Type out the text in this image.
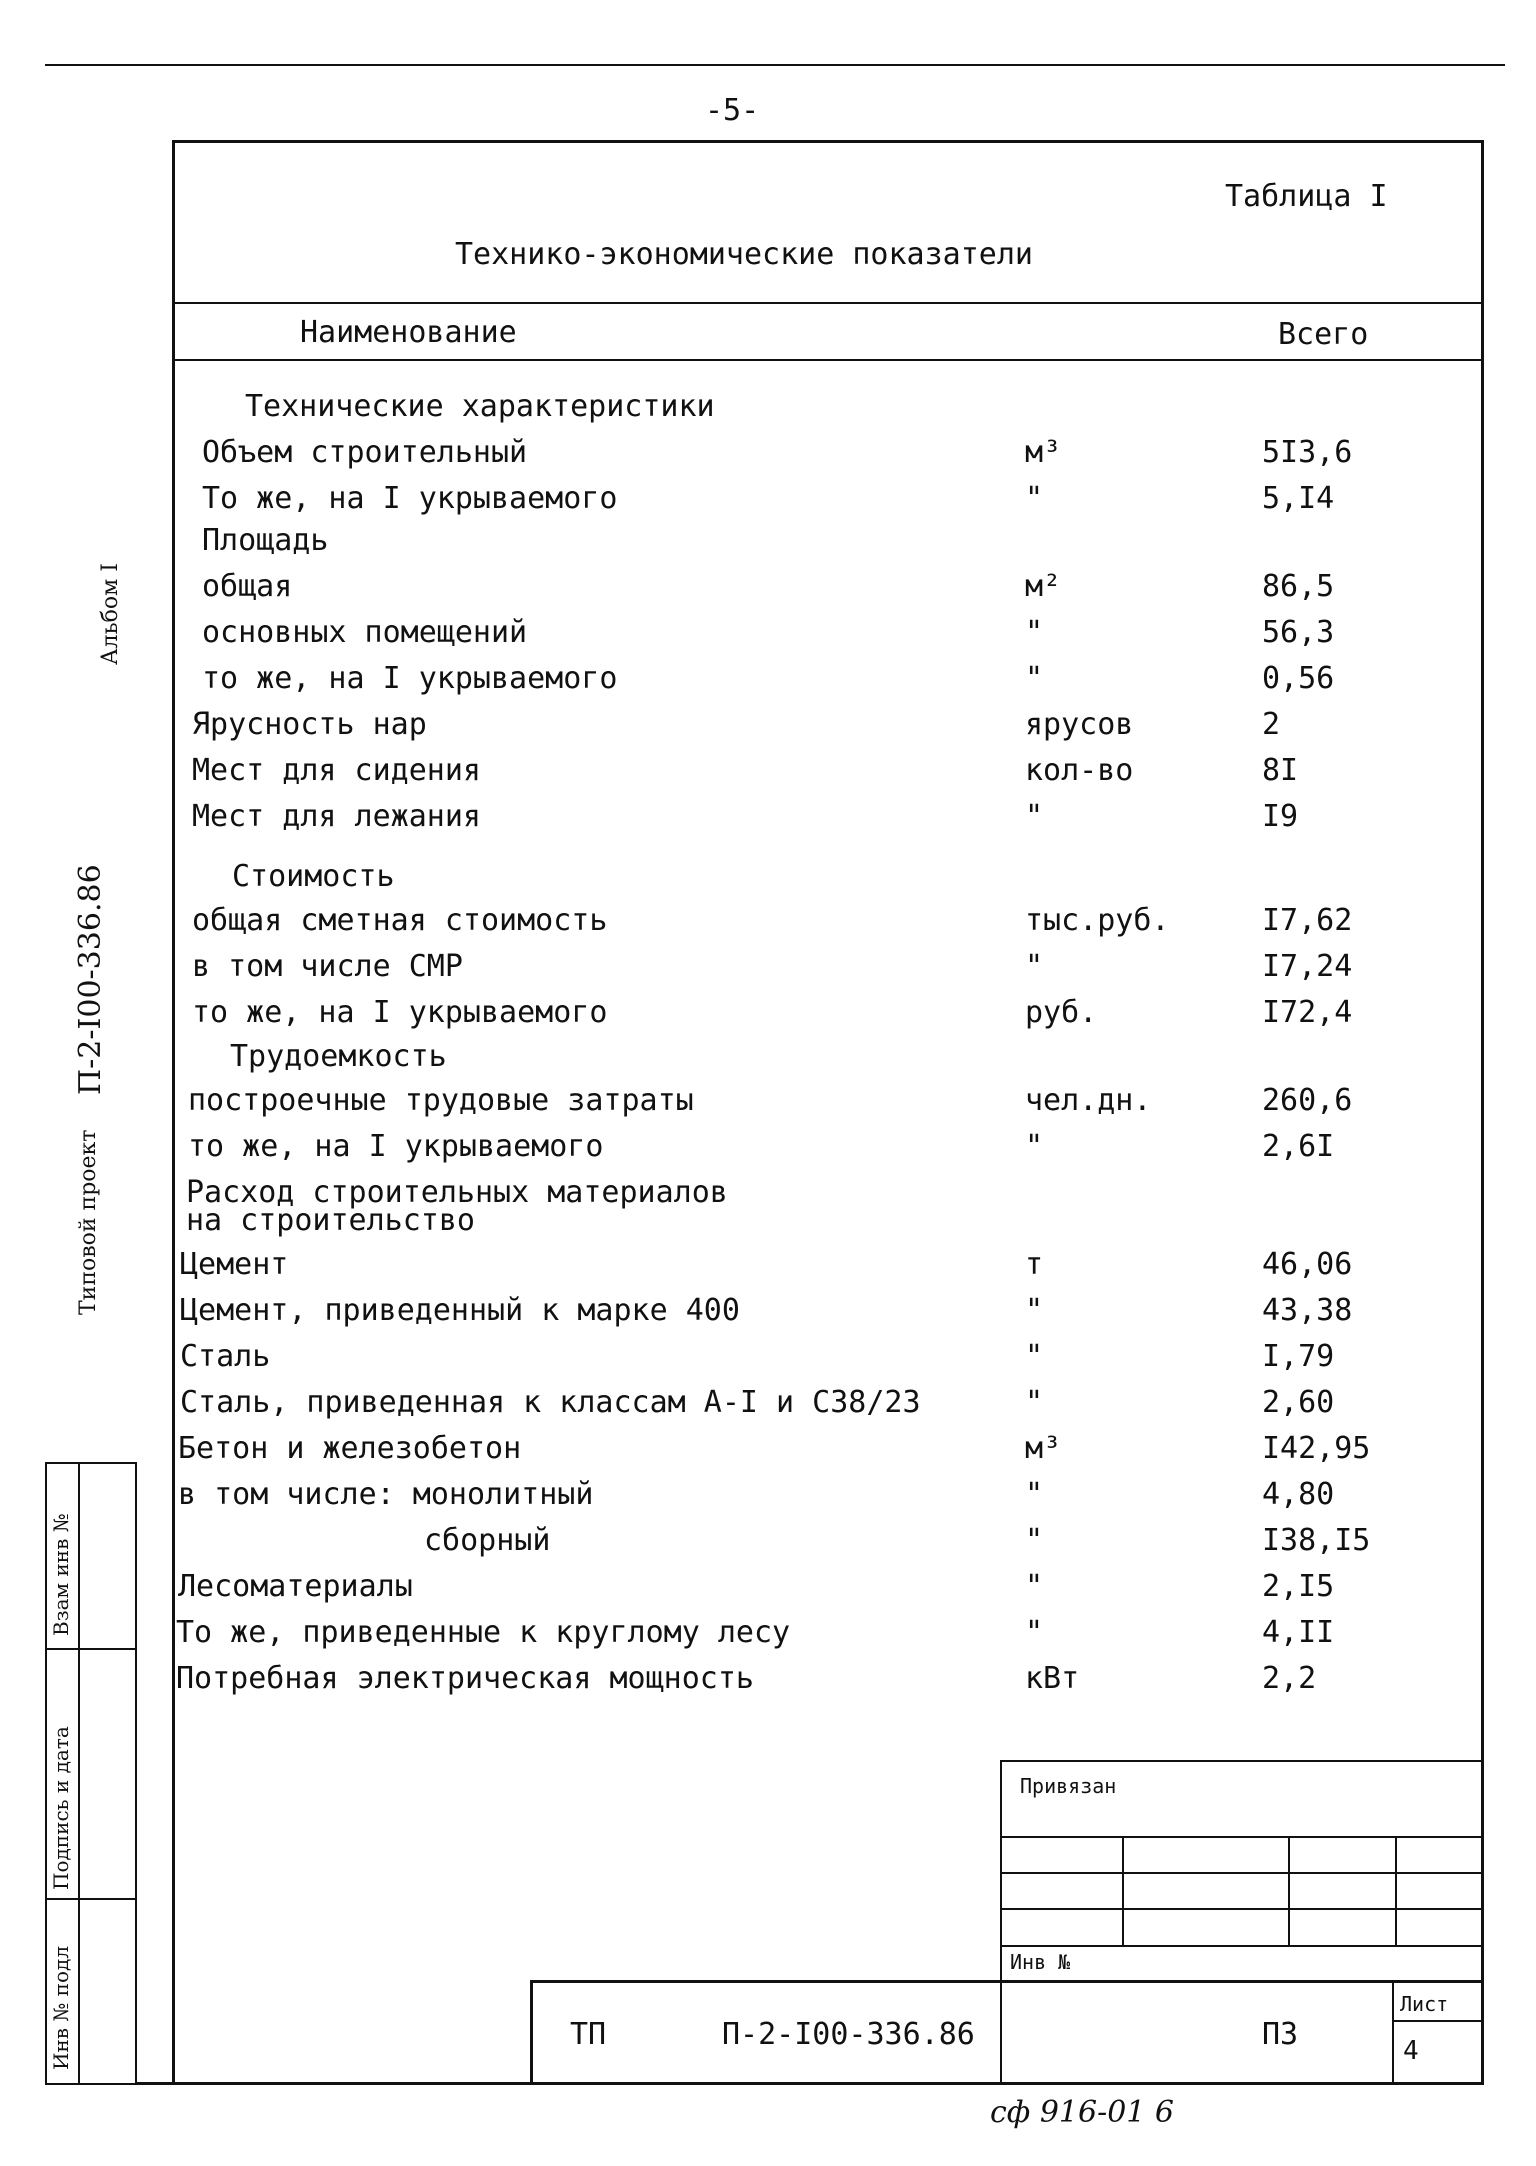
-5-
Таблица I
Технико-экономические показатели
Наименование	Всего
Технические характеристики
Объем строительный	м³	5I3,6
То же, на I укрываемого	"	5,I4
Площадь
общая	м²	86,5
основных помещений	"	56,3
то же, на I укрываемого	"	0,56
Ярусность нар	ярусов	2
Мест для сидения	кол-во	8I
Мест для лежания	"	I9
Стоимость
общая сметная стоимость	тыс.руб.	I7,62
в том числе СМР	"	I7,24
то же, на I укрываемого	руб.	I72,4
Трудоемкость
построечные трудовые затраты	чел.дн.	260,6
то же, на I укрываемого	"	2,6I
Расход строительных материалов
на строительство
Цемент	т	46,06
Цемент, приведенный к марке 400	"	43,38
Сталь	"	I,79
Сталь, приведенная к классам А-I и С38/23	"	2,60
Бетон и железобетон	м³	I42,95
в том числе: монолитный	"	4,80
сборный	"	I38,I5
Лесоматериалы	"	2,I5
То же, приведенные к круглому лесу	"	4,II
Потребная электрическая мощность	кВт	2,2
Привязан
Инв №
ТП	П-2-I00-336.86	ПЗ
Лист
4
сф 916-01 6
Альбом I
Типовой проект
П-2-I00-336.86
Взам инв №
Подпись и дата
Инв № подл
